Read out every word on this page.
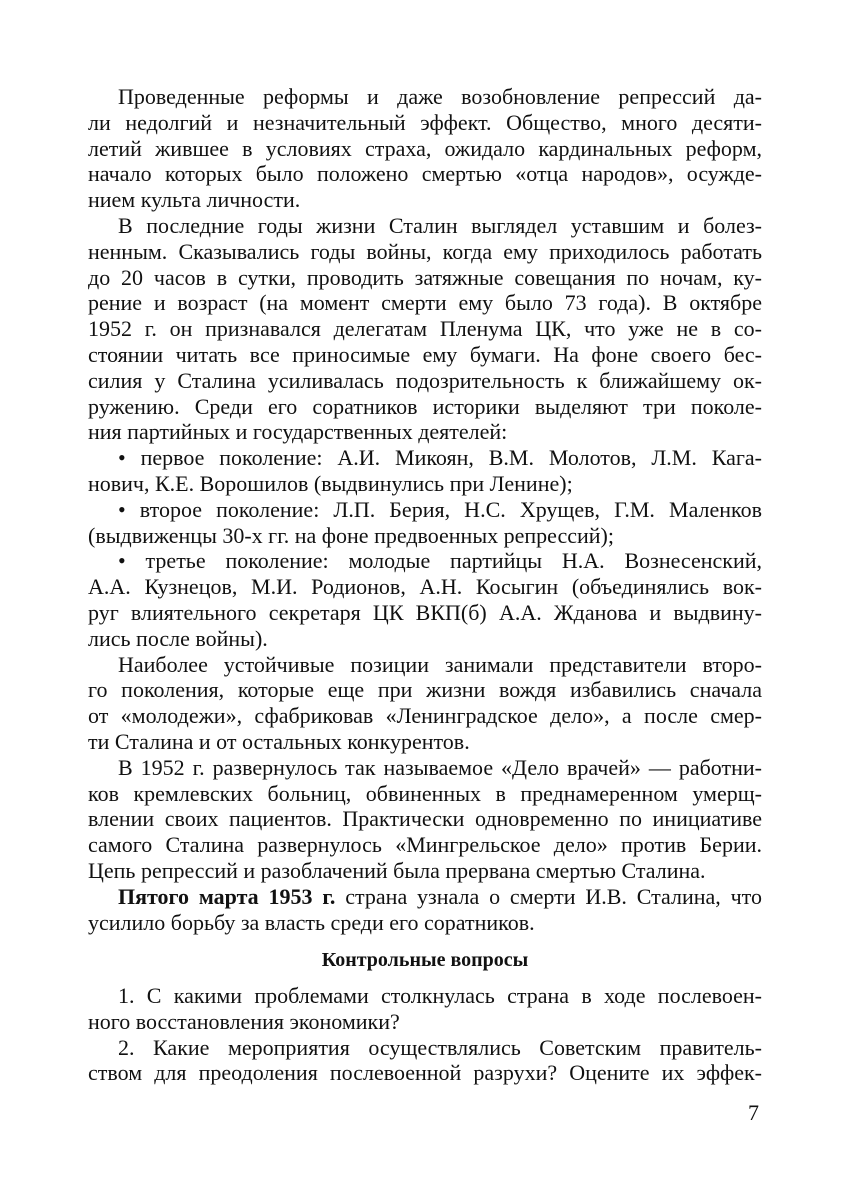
Проведенные реформы и даже возобновление репрессий да-
ли недолгий и незначительный эффект. Общество, много десяти-
летий жившее в условиях страха, ожидало кардинальных реформ,
начало которых было положено смертью «отца народов», осужде-
нием культа личности.
В последние годы жизни Сталин выглядел уставшим и болез-
ненным. Сказывались годы войны, когда ему приходилось работать
до 20 часов в сутки, проводить затяжные совещания по ночам, ку-
рение и возраст (на момент смерти ему было 73 года). В октябре
1952 г. он признавался делегатам Пленума ЦК, что уже не в со-
стоянии читать все приносимые ему бумаги. На фоне своего бес-
силия у Сталина усиливалась подозрительность к ближайшему ок-
ружению. Среди его соратников историки выделяют три поколе-
ния партийных и государственных деятелей:
• первое поколение: А.И. Микоян, В.М. Молотов, Л.М. Кага-
нович, К.Е. Ворошилов (выдвинулись при Ленине);
• второе поколение: Л.П. Берия, Н.С. Хрущев, Г.М. Маленков
(выдвиженцы 30-х гг. на фоне предвоенных репрессий);
• третье поколение: молодые партийцы Н.А. Вознесенский,
А.А. Кузнецов, М.И. Родионов, А.Н. Косыгин (объединялись вок-
руг влиятельного секретаря ЦК ВКП(б) А.А. Жданова и выдвину-
лись после войны).
Наиболее устойчивые позиции занимали представители второ-
го поколения, которые еще при жизни вождя избавились сначала
от «молодежи», сфабриковав «Ленинградское дело», а после смер-
ти Сталина и от остальных конкурентов.
В 1952 г. развернулось так называемое «Дело врачей» — работни-
ков кремлевских больниц, обвиненных в преднамеренном умерщ-
влении своих пациентов. Практически одновременно по инициативе
самого Сталина развернулось «Мингрельское дело» против Берии.
Цепь репрессий и разоблачений была прервана смертью Сталина.
Пятого марта 1953 г. страна узнала о смерти И.В. Сталина, что
усилило борьбу за власть среди его соратников.
Контрольные вопросы
1. С какими проблемами столкнулась страна в ходе послевоен-
ного восстановления экономики?
2. Какие мероприятия осуществлялись Советским правитель-
ством для преодоления послевоенной разрухи? Оцените их эффек-
7
